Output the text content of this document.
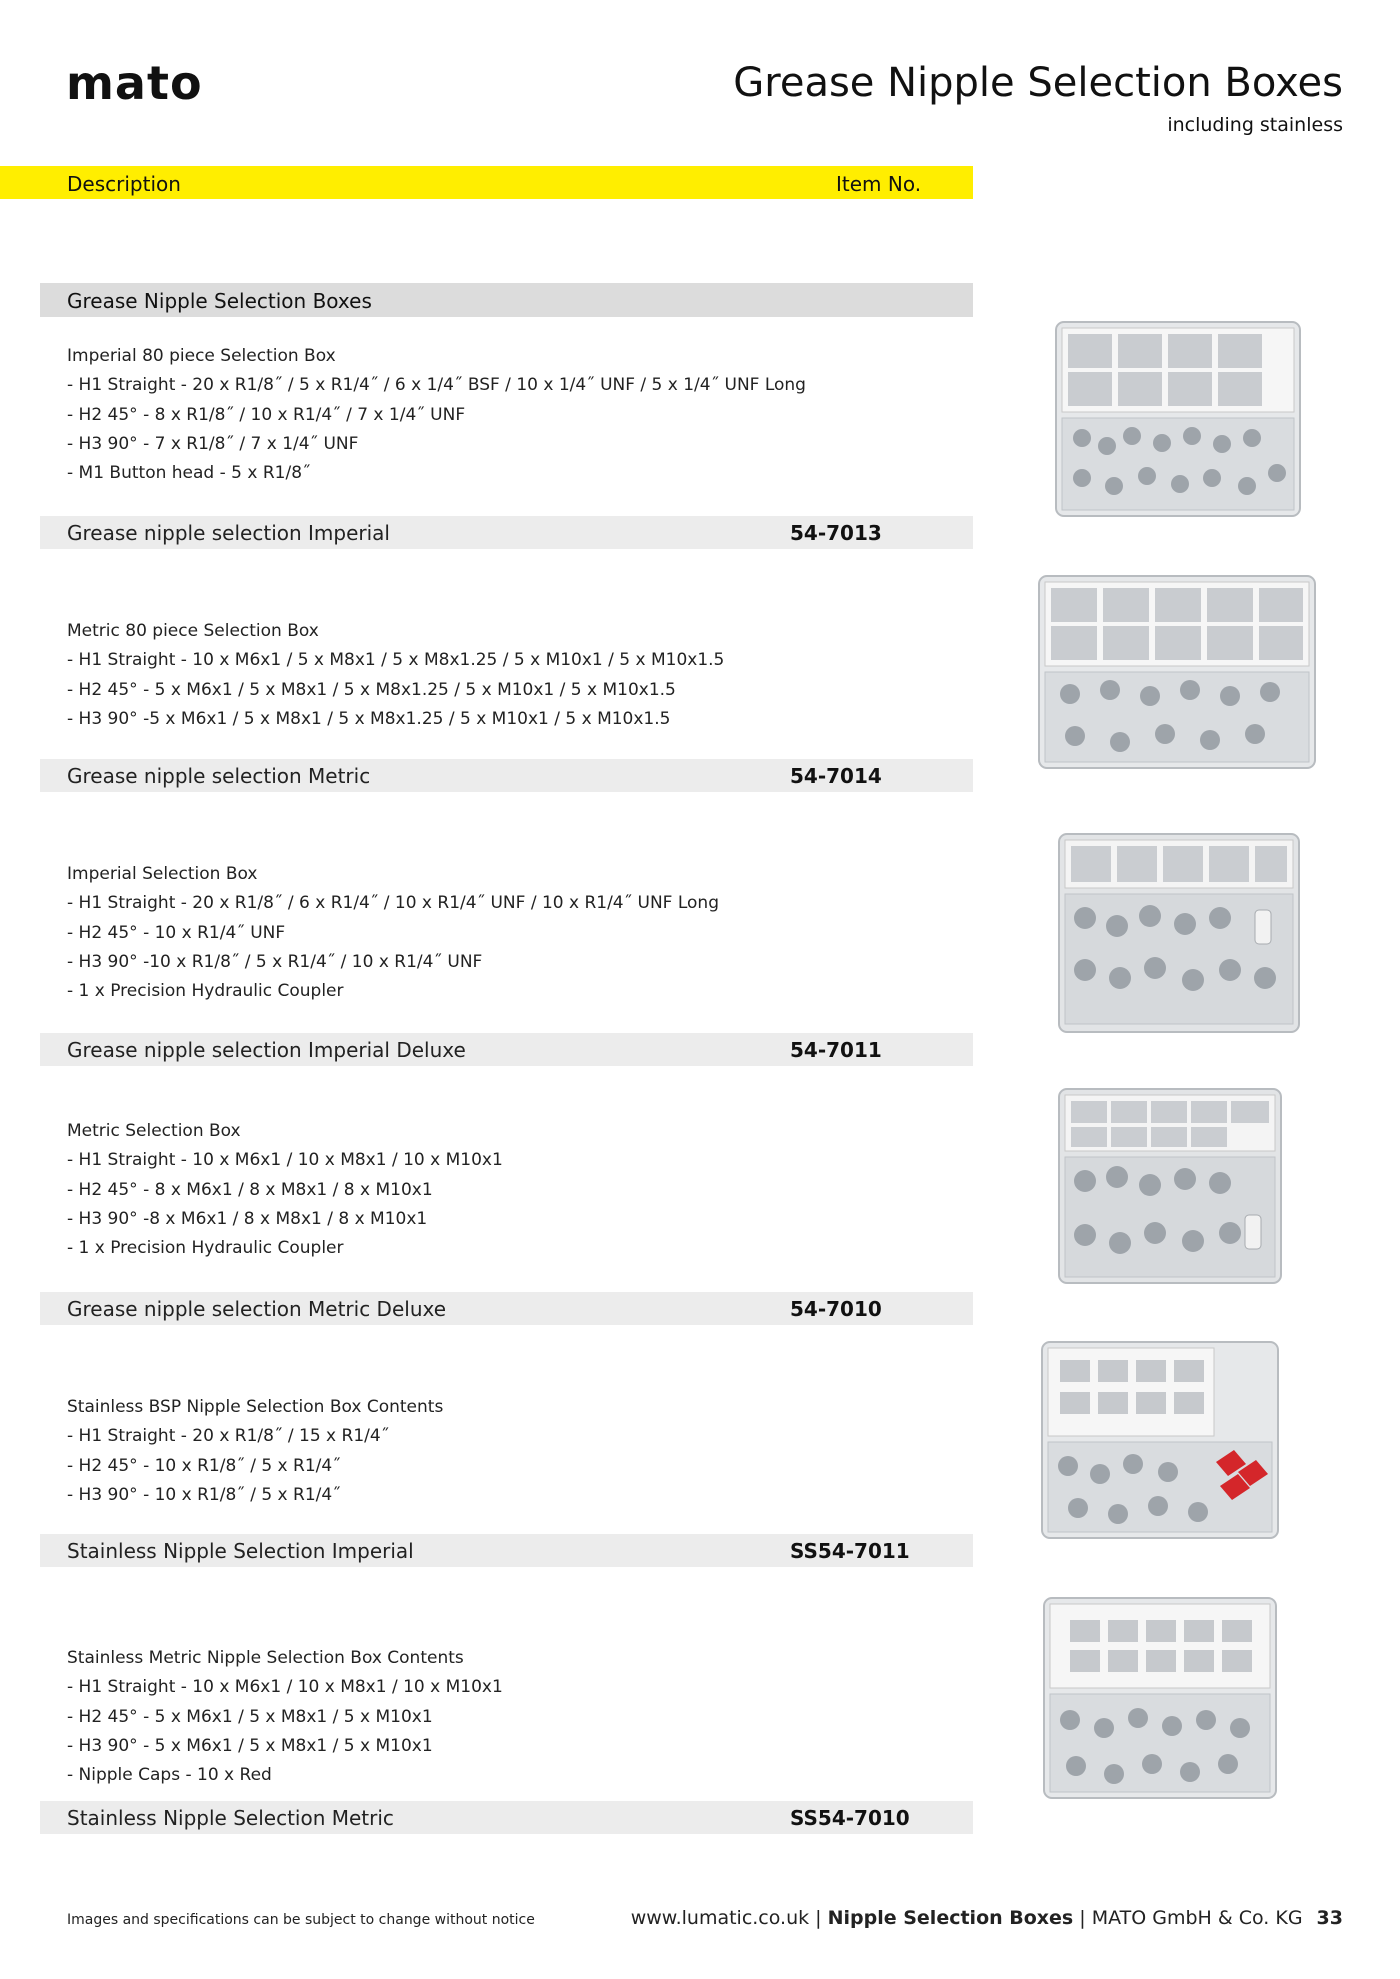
mato	Grease Nipple Selection Boxes
including stainless
Description	Item No.
Grease Nipple Selection Boxes
Imperial 80 piece Selection Box
- H1 Straight - 20 x R1/8˝ / 5 x R1/4˝ / 6 x 1/4˝ BSF / 10 x 1/4˝ UNF / 5 x 1/4˝ UNF Long
- H2 45° - 8 x R1/8˝ / 10 x R1/4˝ / 7 x 1/4˝ UNF
- H3 90° - 7 x R1/8˝ / 7 x 1/4˝ UNF
- M1 Button head - 5 x R1/8˝
Grease nipple selection Imperial	54-7013
Metric 80 piece Selection Box
- H1 Straight - 10 x M6x1 / 5 x M8x1 / 5 x M8x1.25 / 5 x M10x1 / 5 x M10x1.5
- H2 45° - 5 x M6x1 / 5 x M8x1 / 5 x M8x1.25 / 5 x M10x1 / 5 x M10x1.5
- H3 90° -5 x M6x1 / 5 x M8x1 / 5 x M8x1.25 / 5 x M10x1 / 5 x M10x1.5
Grease nipple selection Metric	54-7014
Imperial Selection Box
- H1 Straight - 20 x R1/8˝ / 6 x R1/4˝ / 10 x R1/4˝ UNF / 10 x R1/4˝ UNF Long
- H2 45° - 10 x R1/4˝ UNF
- H3 90° -10 x R1/8˝ / 5 x R1/4˝ / 10 x R1/4˝ UNF
- 1 x Precision Hydraulic Coupler
Grease nipple selection Imperial Deluxe	54-7011
Metric Selection Box
- H1 Straight - 10 x M6x1 / 10 x M8x1 / 10 x M10x1
- H2 45° - 8 x M6x1 / 8 x M8x1 / 8 x M10x1
- H3 90° -8 x M6x1 / 8 x M8x1 / 8 x M10x1
- 1 x Precision Hydraulic Coupler
Grease nipple selection Metric Deluxe	54-7010
Stainless BSP Nipple Selection Box Contents
- H1 Straight - 20 x R1/8˝ / 15 x R1/4˝
- H2 45° - 10 x R1/8˝ / 5 x R1/4˝
- H3 90° - 10 x R1/8˝ / 5 x R1/4˝
Stainless Nipple Selection Imperial	SS54-7011
Stainless Metric Nipple Selection Box Contents
- H1 Straight - 10 x M6x1 / 10 x M8x1 / 10 x M10x1
- H2 45° - 5 x M6x1 / 5 x M8x1 / 5 x M10x1
- H3 90° - 5 x M6x1 / 5 x M8x1 / 5 x M10x1
- Nipple Caps - 10 x Red
Stainless Nipple Selection Metric	SS54-7010
Images and specifications can be subject to change without notice	www.lumatic.co.uk | Nipple Selection Boxes | MATO GmbH & Co. KG 33
